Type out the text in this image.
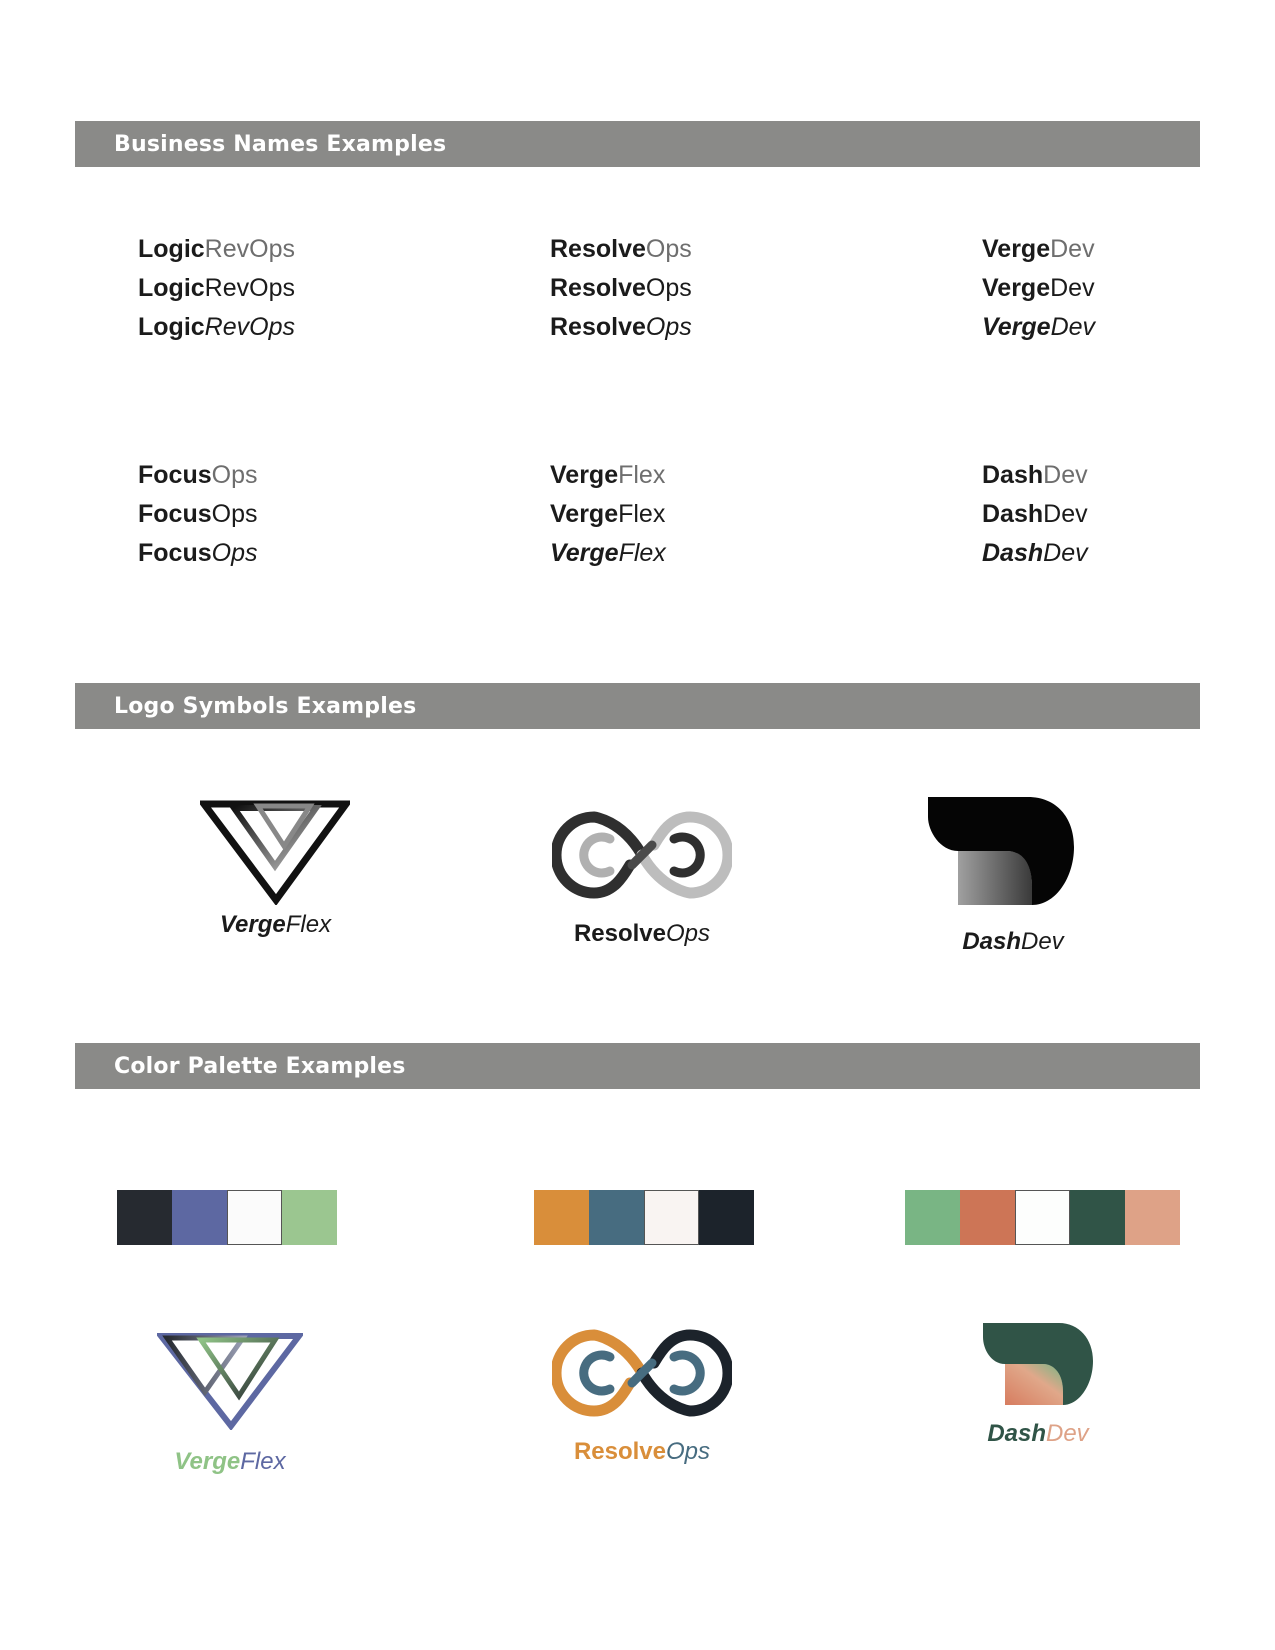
Business Names Examples
Logo Symbols Examples
Color Palette Examples
LogicRevOps
LogicRevOps
LogicRevOps
ResolveOps
ResolveOps
ResolveOps
VergeDev
VergeDev
VergeDev
FocusOps
FocusOps
FocusOps
VergeFlex
VergeFlex
VergeFlex
DashDev
DashDev
DashDev
VergeFlex	ResolveOps	DashDev
VergeFlex	ResolveOps
DashDev
